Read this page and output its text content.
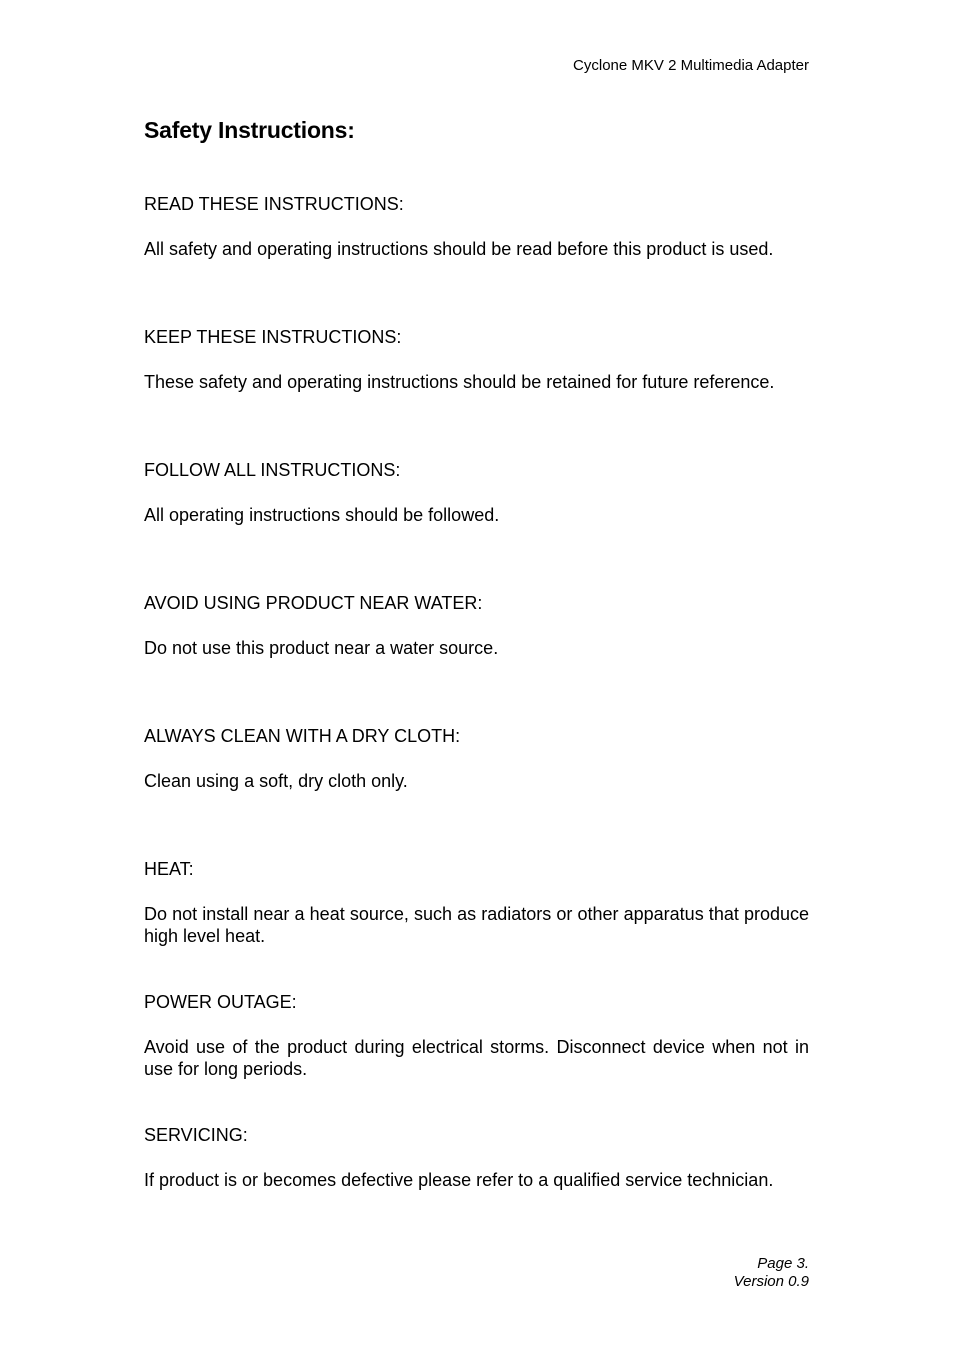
Cyclone MKV 2 Multimedia Adapter
Safety Instructions:

READ THESE INSTRUCTIONS:

All safety and operating instructions should be read before this product is used.

KEEP THESE INSTRUCTIONS:

These safety and operating instructions should be retained for future reference.

FOLLOW ALL INSTRUCTIONS:

All operating instructions should be followed.

AVOID USING PRODUCT NEAR WATER:

Do not use this product near a water source.

ALWAYS CLEAN WITH A DRY CLOTH:

Clean using a soft, dry cloth only.

HEAT:

Do not install near a heat source, such as radiators or other apparatus that produce high level heat.

POWER OUTAGE:

Avoid use of the product during electrical storms. Disconnect device when not in use for long periods.

SERVICING:

If product is or becomes defective please refer to a qualified service technician.

Page 3.
Version 0.9
